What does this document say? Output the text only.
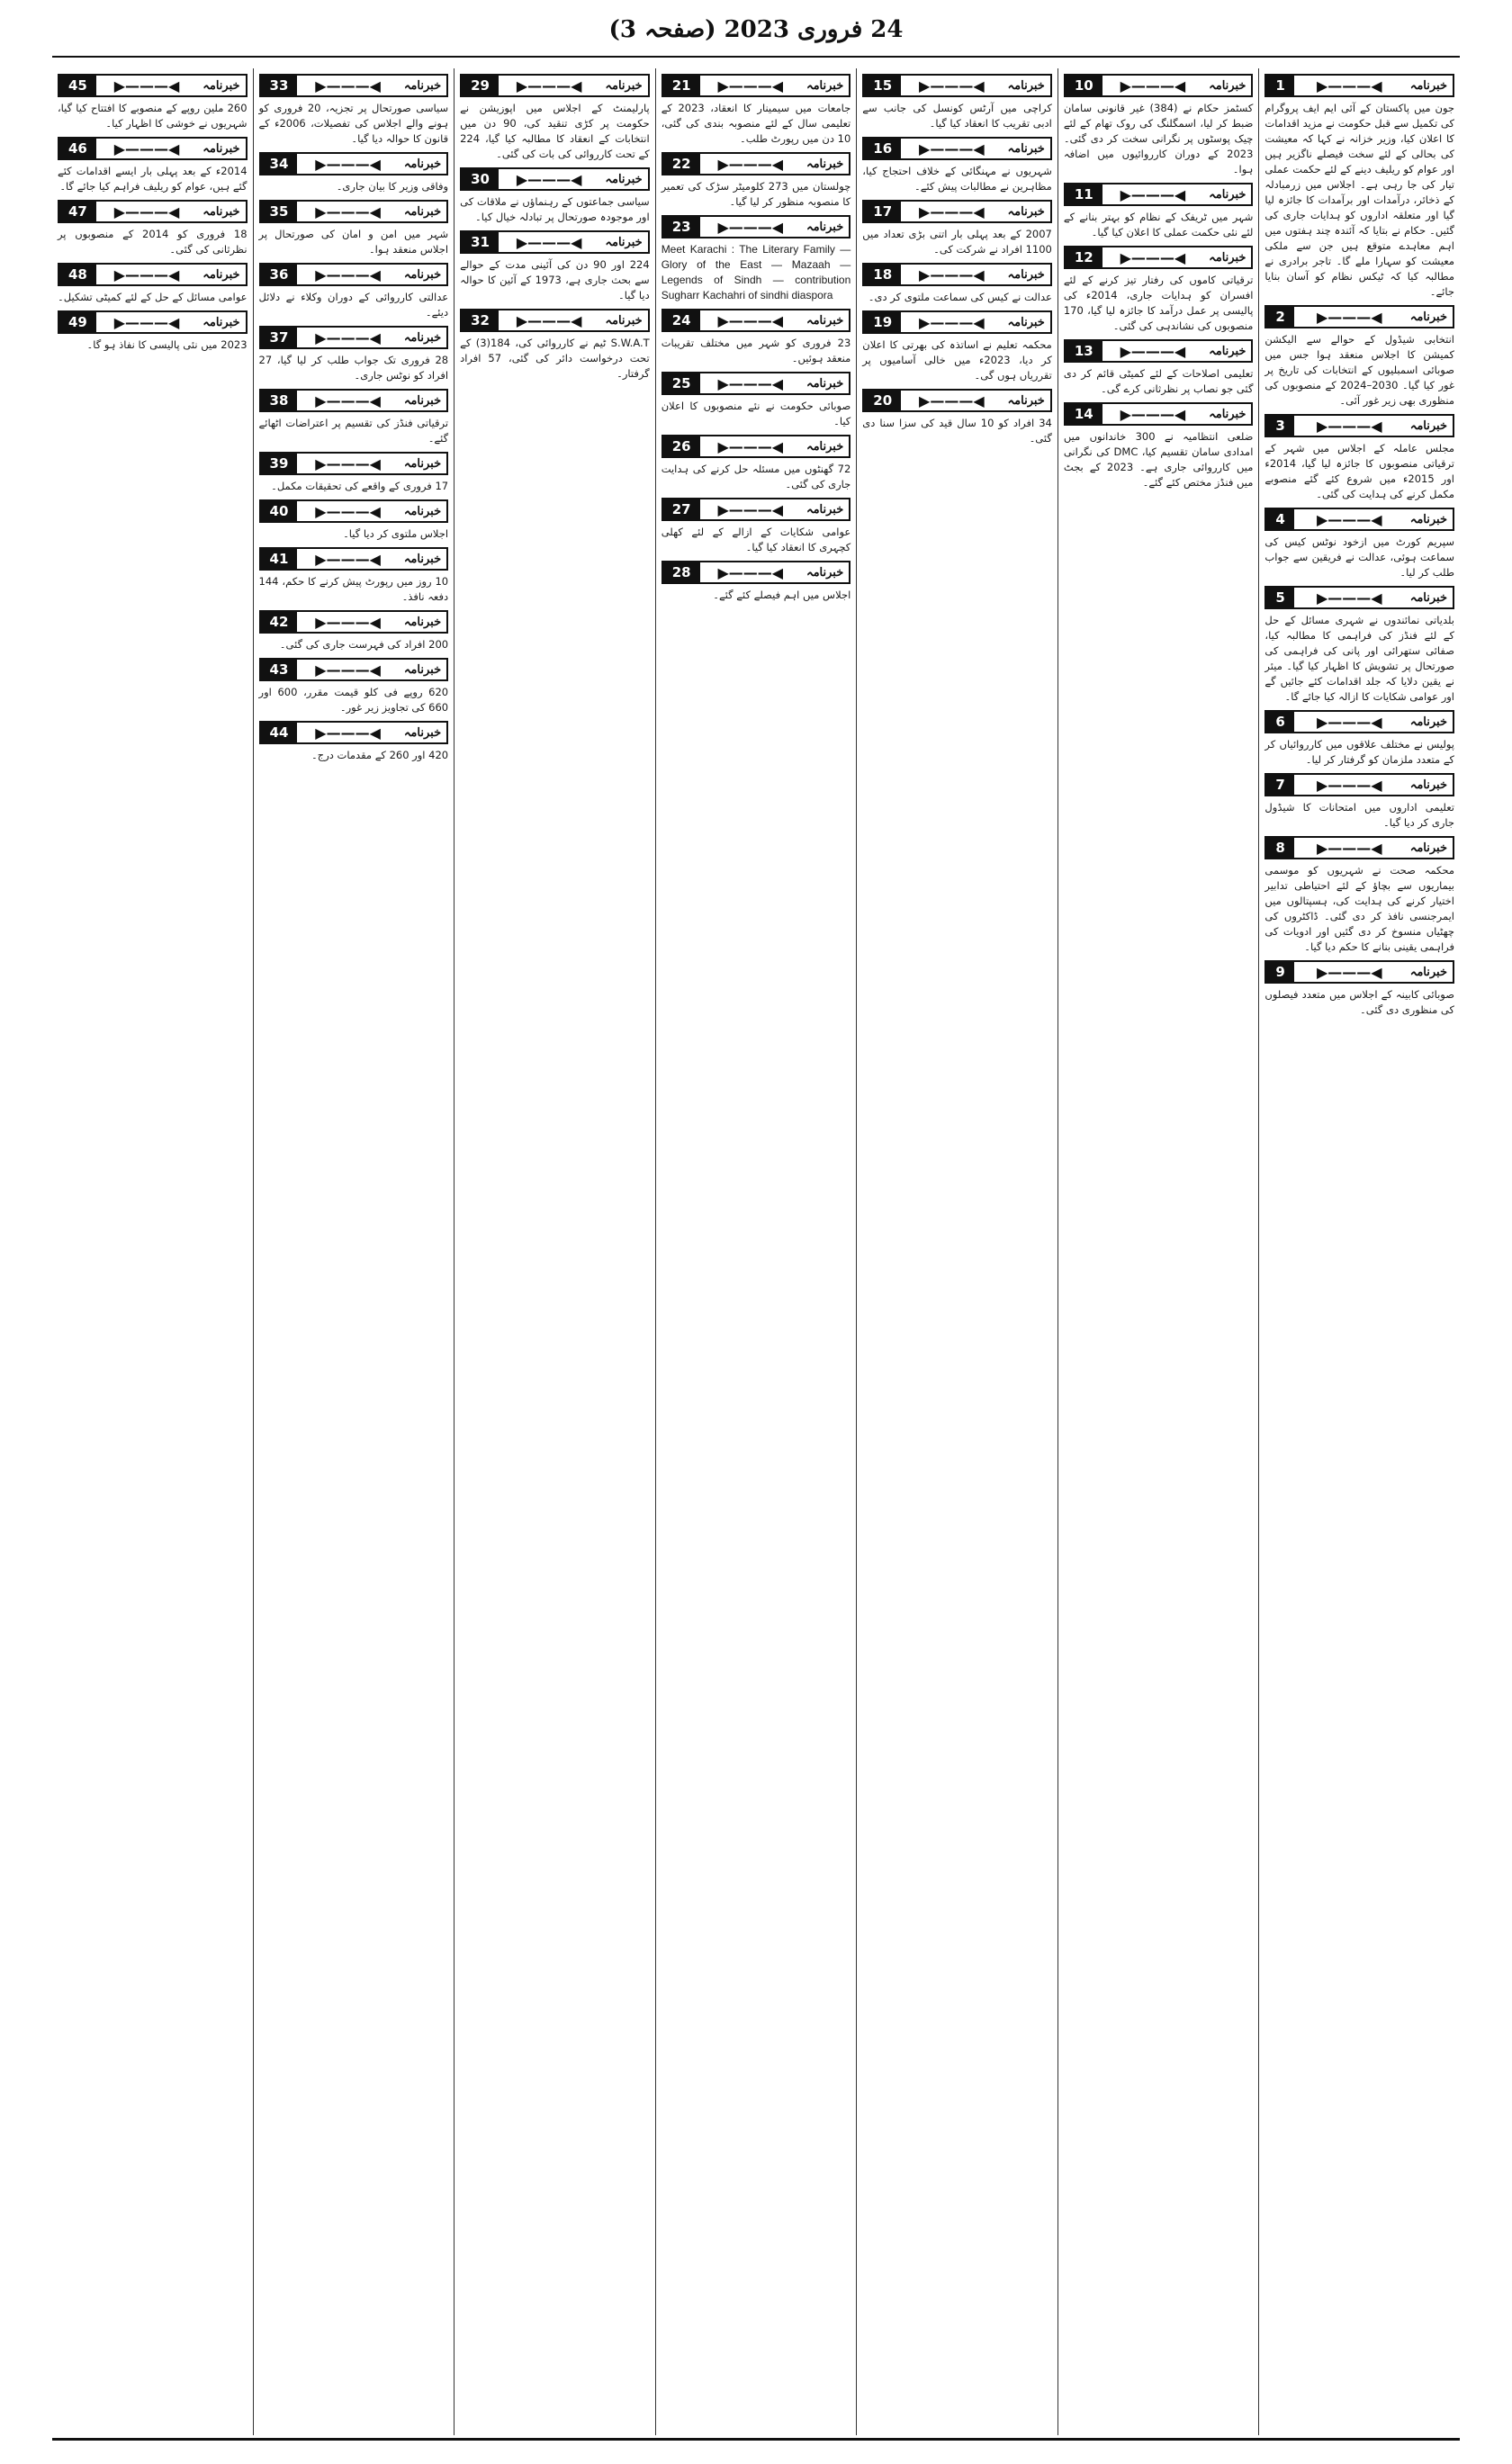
24 فروری 2023 (صفحہ 3)
خبرنامہ
◀———▶
1
جون میں پاکستان کے آئی ایم ایف پروگرام کی تکمیل سے قبل حکومت نے مزید اقدامات کا اعلان کیا، وزیر خزانہ نے کہا کہ معیشت کی بحالی کے لئے سخت فیصلے ناگزیر ہیں اور عوام کو ریلیف دینے کے لئے حکمت عملی تیار کی جا رہی ہے۔ اجلاس میں زرمبادلہ کے ذخائر، درآمدات اور برآمدات کا جائزہ لیا گیا اور متعلقہ اداروں کو ہدایات جاری کی گئیں۔ حکام نے بتایا کہ آئندہ چند ہفتوں میں اہم معاہدے متوقع ہیں جن سے ملکی معیشت کو سہارا ملے گا۔ تاجر برادری نے مطالبہ کیا کہ ٹیکس نظام کو آسان بنایا جائے۔
خبرنامہ
◀———▶
2
انتخابی شیڈول کے حوالے سے الیکشن کمیشن کا اجلاس منعقد ہوا جس میں صوبائی اسمبلیوں کے انتخابات کی تاریخ پر غور کیا گیا۔ 2030–2024 کے منصوبوں کی منظوری بھی زیر غور آئی۔
خبرنامہ
◀———▶
3
مجلس عاملہ کے اجلاس میں شہر کے ترقیاتی منصوبوں کا جائزہ لیا گیا، 2014ء اور 2015ء میں شروع کئے گئے منصوبے مکمل کرنے کی ہدایت کی گئی۔
خبرنامہ
◀———▶
4
سپریم کورٹ میں ازخود نوٹس کیس کی سماعت ہوئی، عدالت نے فریقین سے جواب طلب کر لیا۔
خبرنامہ
◀———▶
5
بلدیاتی نمائندوں نے شہری مسائل کے حل کے لئے فنڈز کی فراہمی کا مطالبہ کیا، صفائی ستھرائی اور پانی کی فراہمی کی صورتحال پر تشویش کا اظہار کیا گیا۔ میئر نے یقین دلایا کہ جلد اقدامات کئے جائیں گے اور عوامی شکایات کا ازالہ کیا جائے گا۔
خبرنامہ
◀———▶
6
پولیس نے مختلف علاقوں میں کارروائیاں کر کے متعدد ملزمان کو گرفتار کر لیا۔
خبرنامہ
◀———▶
7
تعلیمی اداروں میں امتحانات کا شیڈول جاری کر دیا گیا۔
خبرنامہ
◀———▶
8
محکمہ صحت نے شہریوں کو موسمی بیماریوں سے بچاؤ کے لئے احتیاطی تدابیر اختیار کرنے کی ہدایت کی، ہسپتالوں میں ایمرجنسی نافذ کر دی گئی۔ ڈاکٹروں کی چھٹیاں منسوخ کر دی گئیں اور ادویات کی فراہمی یقینی بنانے کا حکم دیا گیا۔
خبرنامہ
◀———▶
9
صوبائی کابینہ کے اجلاس میں متعدد فیصلوں کی منظوری دی گئی۔
خبرنامہ
◀———▶
10
کسٹمز حکام نے (384) غیر قانونی سامان ضبط کر لیا، اسمگلنگ کی روک تھام کے لئے چیک پوسٹوں پر نگرانی سخت کر دی گئی۔ 2023 کے دوران کارروائیوں میں اضافہ ہوا۔
خبرنامہ
◀———▶
11
شہر میں ٹریفک کے نظام کو بہتر بنانے کے لئے نئی حکمت عملی کا اعلان کیا گیا۔
خبرنامہ
◀———▶
12
ترقیاتی کاموں کی رفتار تیز کرنے کے لئے افسران کو ہدایات جاری، 2014ء کی پالیسی پر عمل درآمد کا جائزہ لیا گیا، 170 منصوبوں کی نشاندہی کی گئی۔
خبرنامہ
◀———▶
13
تعلیمی اصلاحات کے لئے کمیٹی قائم کر دی گئی جو نصاب پر نظرثانی کرے گی۔
خبرنامہ
◀———▶
14
ضلعی انتظامیہ نے 300 خاندانوں میں امدادی سامان تقسیم کیا، DMC کی نگرانی میں کارروائی جاری ہے۔ 2023 کے بجٹ میں فنڈز مختص کئے گئے۔
خبرنامہ
◀———▶
15
کراچی میں آرٹس کونسل کی جانب سے ادبی تقریب کا انعقاد کیا گیا۔
خبرنامہ
◀———▶
16
شہریوں نے مہنگائی کے خلاف احتجاج کیا، مظاہرین نے مطالبات پیش کئے۔
خبرنامہ
◀———▶
17
2007 کے بعد پہلی بار اتنی بڑی تعداد میں 1100 افراد نے شرکت کی۔
خبرنامہ
◀———▶
18
عدالت نے کیس کی سماعت ملتوی کر دی۔
خبرنامہ
◀———▶
19
محکمہ تعلیم نے اساتذہ کی بھرتی کا اعلان کر دیا، 2023ء میں خالی آسامیوں پر تقرریاں ہوں گی۔
خبرنامہ
◀———▶
20
34 افراد کو 10 سال قید کی سزا سنا دی گئی۔
خبرنامہ
◀———▶
21
جامعات میں سیمینار کا انعقاد، 2023 کے تعلیمی سال کے لئے منصوبہ بندی کی گئی، 10 دن میں رپورٹ طلب۔
خبرنامہ
◀———▶
22
چولستان میں 273 کلومیٹر سڑک کی تعمیر کا منصوبہ منظور کر لیا گیا۔
خبرنامہ
◀———▶
23
Meet Karachi : The Literary Family — Glory of the East — Mazaah — Legends of Sindh — contribution Sugharr Kachahri of sindhi diaspora
خبرنامہ
◀———▶
24
23 فروری کو شہر میں مختلف تقریبات منعقد ہوئیں۔
خبرنامہ
◀———▶
25
صوبائی حکومت نے نئے منصوبوں کا اعلان کیا۔
خبرنامہ
◀———▶
26
72 گھنٹوں میں مسئلہ حل کرنے کی ہدایت جاری کی گئی۔
خبرنامہ
◀———▶
27
عوامی شکایات کے ازالے کے لئے کھلی کچہری کا انعقاد کیا گیا۔
خبرنامہ
◀———▶
28
اجلاس میں اہم فیصلے کئے گئے۔
خبرنامہ
◀———▶
29
پارلیمنٹ کے اجلاس میں اپوزیشن نے حکومت پر کڑی تنقید کی، 90 دن میں انتخابات کے انعقاد کا مطالبہ کیا گیا، 224 کے تحت کارروائی کی بات کی گئی۔
خبرنامہ
◀———▶
30
سیاسی جماعتوں کے رہنماؤں نے ملاقات کی اور موجودہ صورتحال پر تبادلہ خیال کیا۔
خبرنامہ
◀———▶
31
224 اور 90 دن کی آئینی مدت کے حوالے سے بحث جاری ہے، 1973 کے آئین کا حوالہ دیا گیا۔
خبرنامہ
◀———▶
32
S.W.A.T ٹیم نے کارروائی کی، 184(3) کے تحت درخواست دائر کی گئی، 57 افراد گرفتار۔
خبرنامہ
◀———▶
33
سیاسی صورتحال پر تجزیہ، 20 فروری کو ہونے والے اجلاس کی تفصیلات، 2006ء کے قانون کا حوالہ دیا گیا۔
خبرنامہ
◀———▶
34
وفاقی وزیر کا بیان جاری۔
خبرنامہ
◀———▶
35
شہر میں امن و امان کی صورتحال پر اجلاس منعقد ہوا۔
خبرنامہ
◀———▶
36
عدالتی کارروائی کے دوران وکلاء نے دلائل دیئے۔
خبرنامہ
◀———▶
37
28 فروری تک جواب طلب کر لیا گیا، 27 افراد کو نوٹس جاری۔
خبرنامہ
◀———▶
38
ترقیاتی فنڈز کی تقسیم پر اعتراضات اٹھائے گئے۔
خبرنامہ
◀———▶
39
17 فروری کے واقعے کی تحقیقات مکمل۔
خبرنامہ
◀———▶
40
اجلاس ملتوی کر دیا گیا۔
خبرنامہ
◀———▶
41
10 روز میں رپورٹ پیش کرنے کا حکم، 144 دفعہ نافذ۔
خبرنامہ
◀———▶
42
200 افراد کی فہرست جاری کی گئی۔
خبرنامہ
◀———▶
43
620 روپے فی کلو قیمت مقرر، 600 اور 660 کی تجاویز زیر غور۔
خبرنامہ
◀———▶
44
420 اور 260 کے مقدمات درج۔
خبرنامہ
◀———▶
45
260 ملین روپے کے منصوبے کا افتتاح کیا گیا، شہریوں نے خوشی کا اظہار کیا۔
خبرنامہ
◀———▶
46
2014ء کے بعد پہلی بار ایسے اقدامات کئے گئے ہیں، عوام کو ریلیف فراہم کیا جائے گا۔
خبرنامہ
◀———▶
47
18 فروری کو 2014 کے منصوبوں پر نظرثانی کی گئی۔
خبرنامہ
◀———▶
48
عوامی مسائل کے حل کے لئے کمیٹی تشکیل۔
خبرنامہ
◀———▶
49
2023 میں نئی پالیسی کا نفاذ ہو گا۔
